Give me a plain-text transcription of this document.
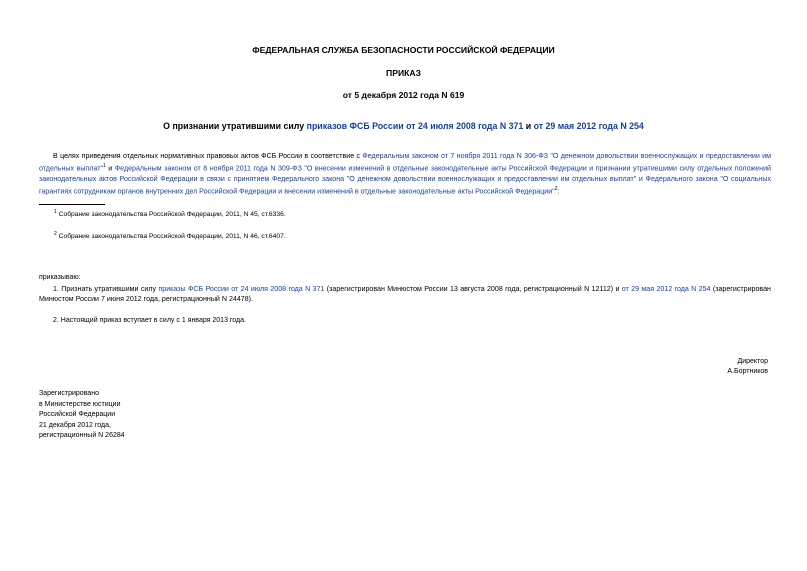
ФЕДЕРАЛЬНАЯ СЛУЖБА БЕЗОПАСНОСТИ РОССИЙСКОЙ ФЕДЕРАЦИИ
ПРИКАЗ
от 5 декабря 2012 года N 619
О признании утратившими силу приказов ФСБ России от 24 июля 2008 года N 371 и от 29 мая 2012 года N 254
В целях приведения отдельных нормативных правовых актов ФСБ России в соответствие с Федеральным законом от 7 ноября 2011 года N 306-ФЗ "О денежном довольствии военнослужащих и предоставлении им отдельных выплат"$^1$ и Федеральным законом от 8 ноября 2011 года N 309-ФЗ "О внесении изменений в отдельные законодательные акты Российской Федерации и признании утратившими силу отдельных положений законодательных актов Российской Федерации в связи с принятием Федерального закона "О денежном довольствии военнослужащих и предоставлении им отдельных выплат" и Федерального закона "О социальных гарантиях сотрудникам органов внутренних дел Российской Федерации и внесении изменений в отдельные законодательные акты Российской Федерации"$^2$:
$^1$ Собрание законодательства Российской Федерации, 2011, N 45, ст.6336.
$^2$ Собрание законодательства Российской Федерации, 2011, N 46, ст.6407.
приказываю:
1. Признать утратившими силу приказы ФСБ России от 24 июля 2008 года N 371 (зарегистрирован Минюстом России 13 августа 2008 года, регистрационный N 12112) и от 29 мая 2012 года N 254 (зарегистрирован Минюстом России 7 июня 2012 года, регистрационный N 24478).
2. Настоящий приказ вступает в силу с 1 января 2013 года.
Директор
А.Бортников
Зарегистрировано
в Министерстве юстиции
Российской Федерации
21 декабря 2012 года,
регистрационный N 26284
